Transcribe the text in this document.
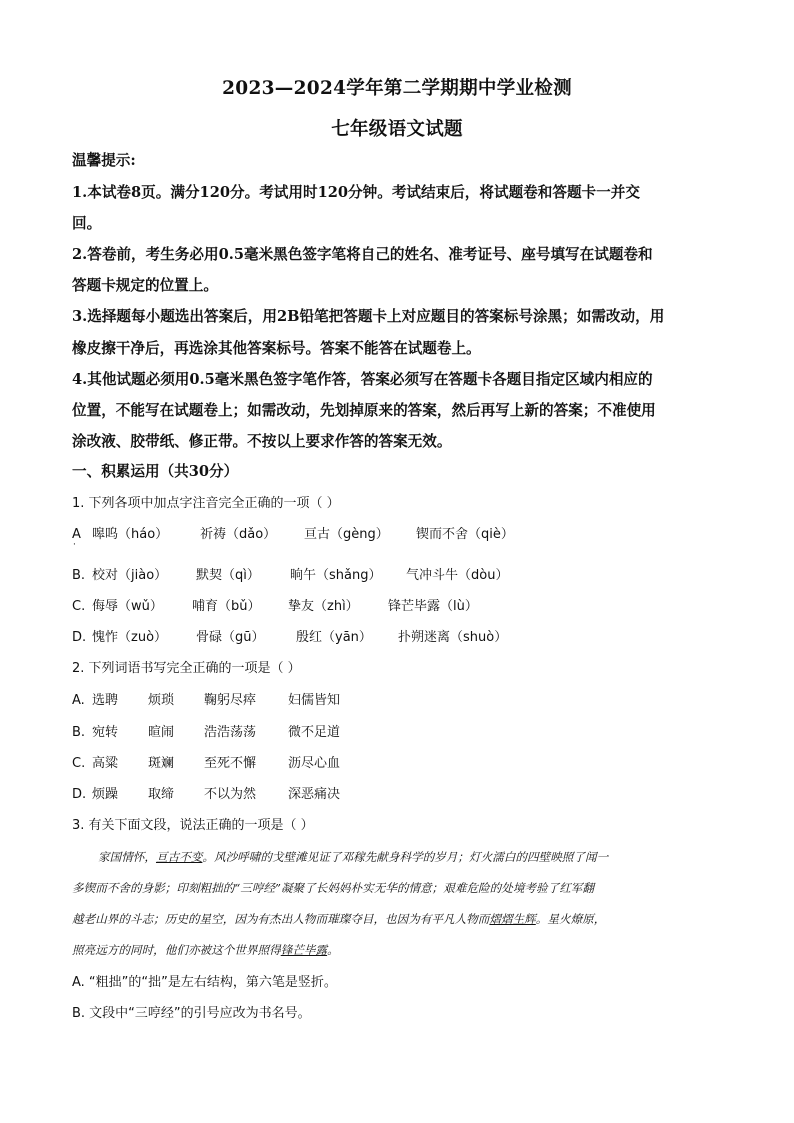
2023—2024学年第二学期期中学业检测
七年级语文试题
温馨提示:
1.本试卷8页。满分120分。考试用时120分钟。考试结束后，将试题卷和答题卡一并交
回。
2.答卷前，考生务必用0.5毫米黑色签字笔将自己的姓名、准考证号、座号填写在试题卷和
答题卡规定的位置上。
3.选择题每小题选出答案后，用2B铅笔把答题卡上对应题目的答案标号涂黑；如需改动，用
橡皮擦干净后，再选涂其他答案标号。答案不能答在试题卷上。
4.其他试题必须用0.5毫米黑色签字笔作答，答案必须写在答题卡各题目指定区域内相应的
位置，不能写在试题卷上；如需改动，先划掉原来的答案，然后再写上新的答案；不准使用
涂改液、胶带纸、修正带。不按以上要求作答的答案无效。
一、积累运用（共30分）
1. 下列各项中加点字注音完全正确的一项（ ）
A 嗥呜（háo） 祈祷（dǎo） 亘古（gèng） 锲而不舍（qiè）
·
B. 校对（jiào） 默契（qì） 晌午（shǎng） 气冲斗牛（dòu）
C. 侮辱（wǔ） 哺育（bǔ） 挚友（zhì） 锋芒毕露（lù）
D. 愧怍（zuò） 骨碌（gū） 殷红（yān） 扑朔迷离（shuò）
2. 下列词语书写完全正确的一项是（ ）
A. 选聘 烦琐 鞠躬尽瘁 妇儒皆知
B. 宛转 暄闹 浩浩荡荡 微不足道
C. 高粱 斑斓 至死不懈 沥尽心血
D. 烦躁 取缔 不以为然 深恶痛决
3. 有关下面文段，说法正确的一项是（ ）
家国情怀，亘古不变。风沙呼啸的戈壁滩见证了邓稼先献身科学的岁月；灯火濡白的四壁映照了闻一
多锲而不舍的身影；印刻粗拙的“三哼经”凝聚了长妈妈朴实无华的情意；艰难危险的处境考验了红军翻
越老山界的斗志；历史的星空，因为有杰出人物而璀璨夺目，也因为有平凡人物而熠熠生辉。星火燎原，
照亮远方的同时，他们亦被这个世界照得锋芒毕露。
A. “粗拙”的“拙”是左右结构，第六笔是竖折。
B. 文段中“三哼经”的引号应改为书名号。
